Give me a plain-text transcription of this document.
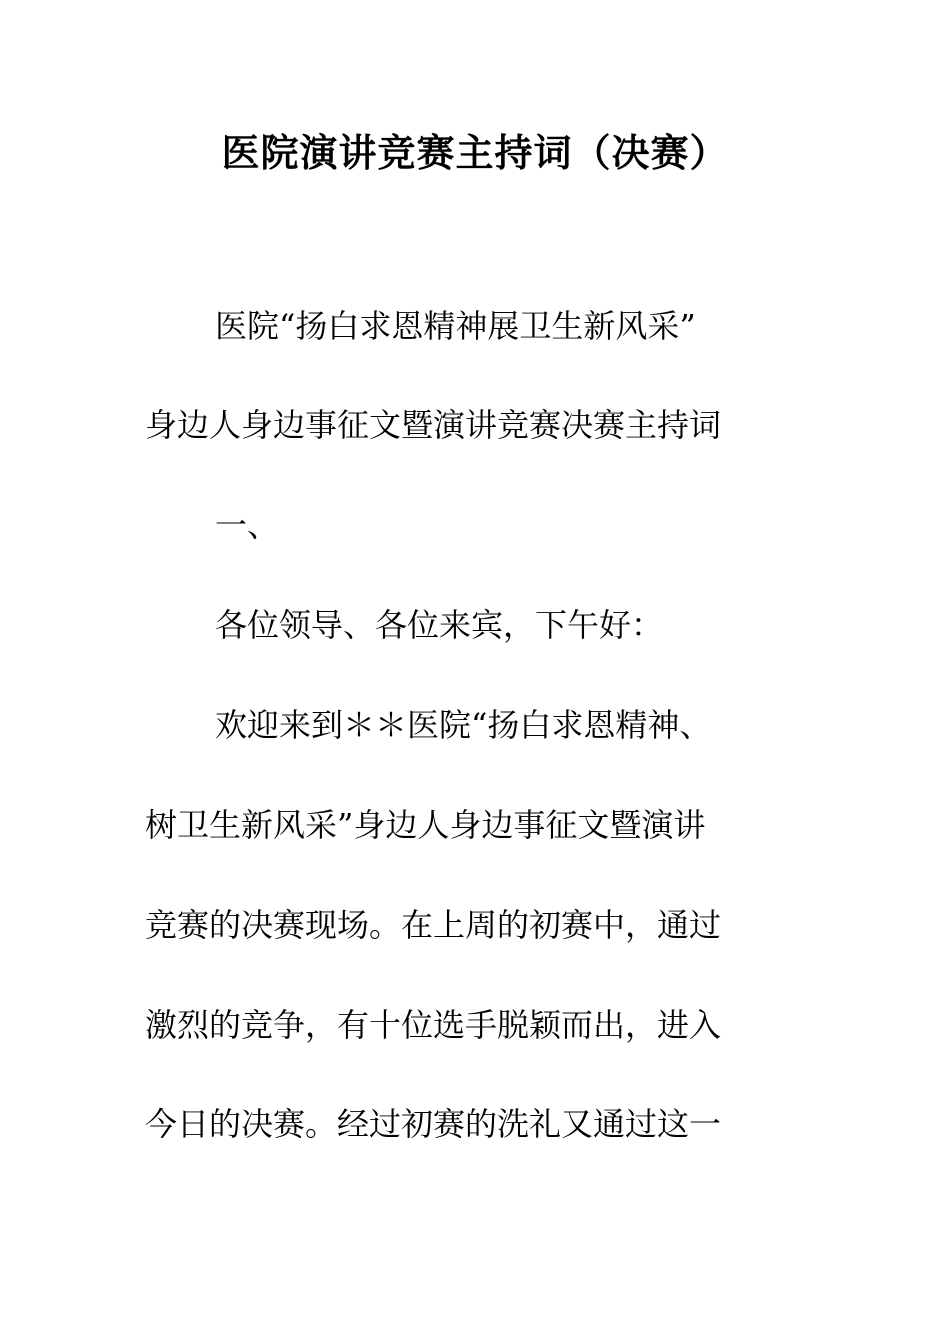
医院演讲竞赛主持词（决赛）

医院“扬白求恩精神展卫生新风采”

身边人身边事征文暨演讲竞赛决赛主持词

一、

各位领导、各位来宾，下午好：

欢迎来到＊＊医院“扬白求恩精神、

树卫生新风采”身边人身边事征文暨演讲

竞赛的决赛现场。在上周的初赛中，通过

激烈的竞争，有十位选手脱颖而出，进入

今日的决赛。经过初赛的洗礼又通过这一
